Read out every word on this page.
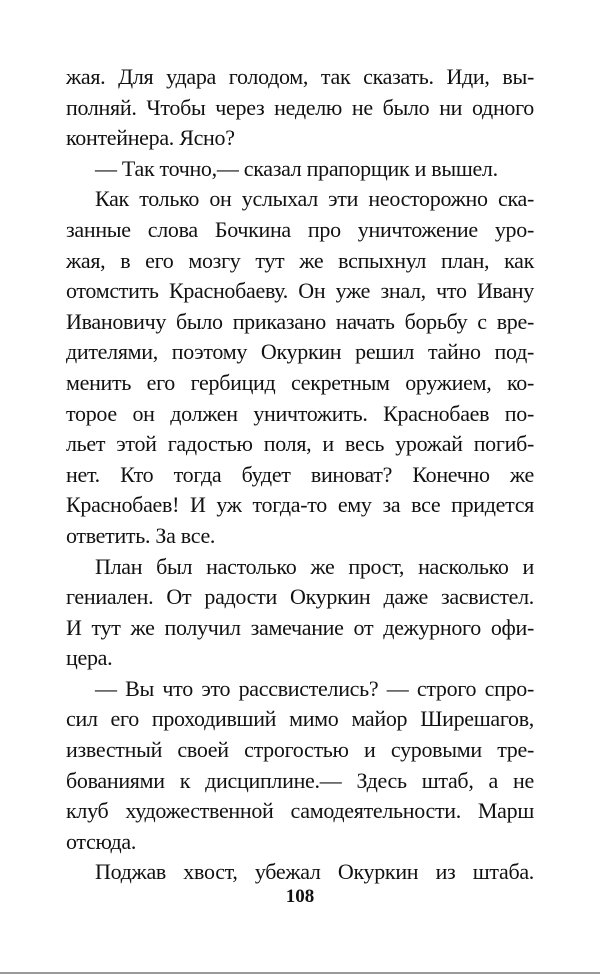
жая. Для удара голодом, так сказать. Иди, вы-
полняй. Чтобы через неделю не было ни одного
контейнера. Ясно?
— Так точно,— сказал прапорщик и вышел.
Как только он услыхал эти неосторожно ска-
занные слова Бочкина про уничтожение уро-
жая, в его мозгу тут же вспыхнул план, как
отомстить Краснобаеву. Он уже знал, что Ивану
Ивановичу было приказано начать борьбу с вре-
дителями, поэтому Окуркин решил тайно под-
менить его гербицид секретным оружием, ко-
торое он должен уничтожить. Краснобаев по-
льет этой гадостью поля, и весь урожай погиб-
нет. Кто тогда будет виноват? Конечно же
Краснобаев! И уж тогда-то ему за все придется
ответить. За все.
План был настолько же прост, насколько и
гениален. От радости Окуркин даже засвистел.
И тут же получил замечание от дежурного офи-
цера.
— Вы что это рассвистелись? — строго спро-
сил его проходивший мимо майор Ширешагов,
известный своей строгостью и суровыми тре-
бованиями к дисциплине.— Здесь штаб, а не
клуб художественной самодеятельности. Марш
отсюда.
Поджав хвост, убежал Окуркин из штаба.
108
